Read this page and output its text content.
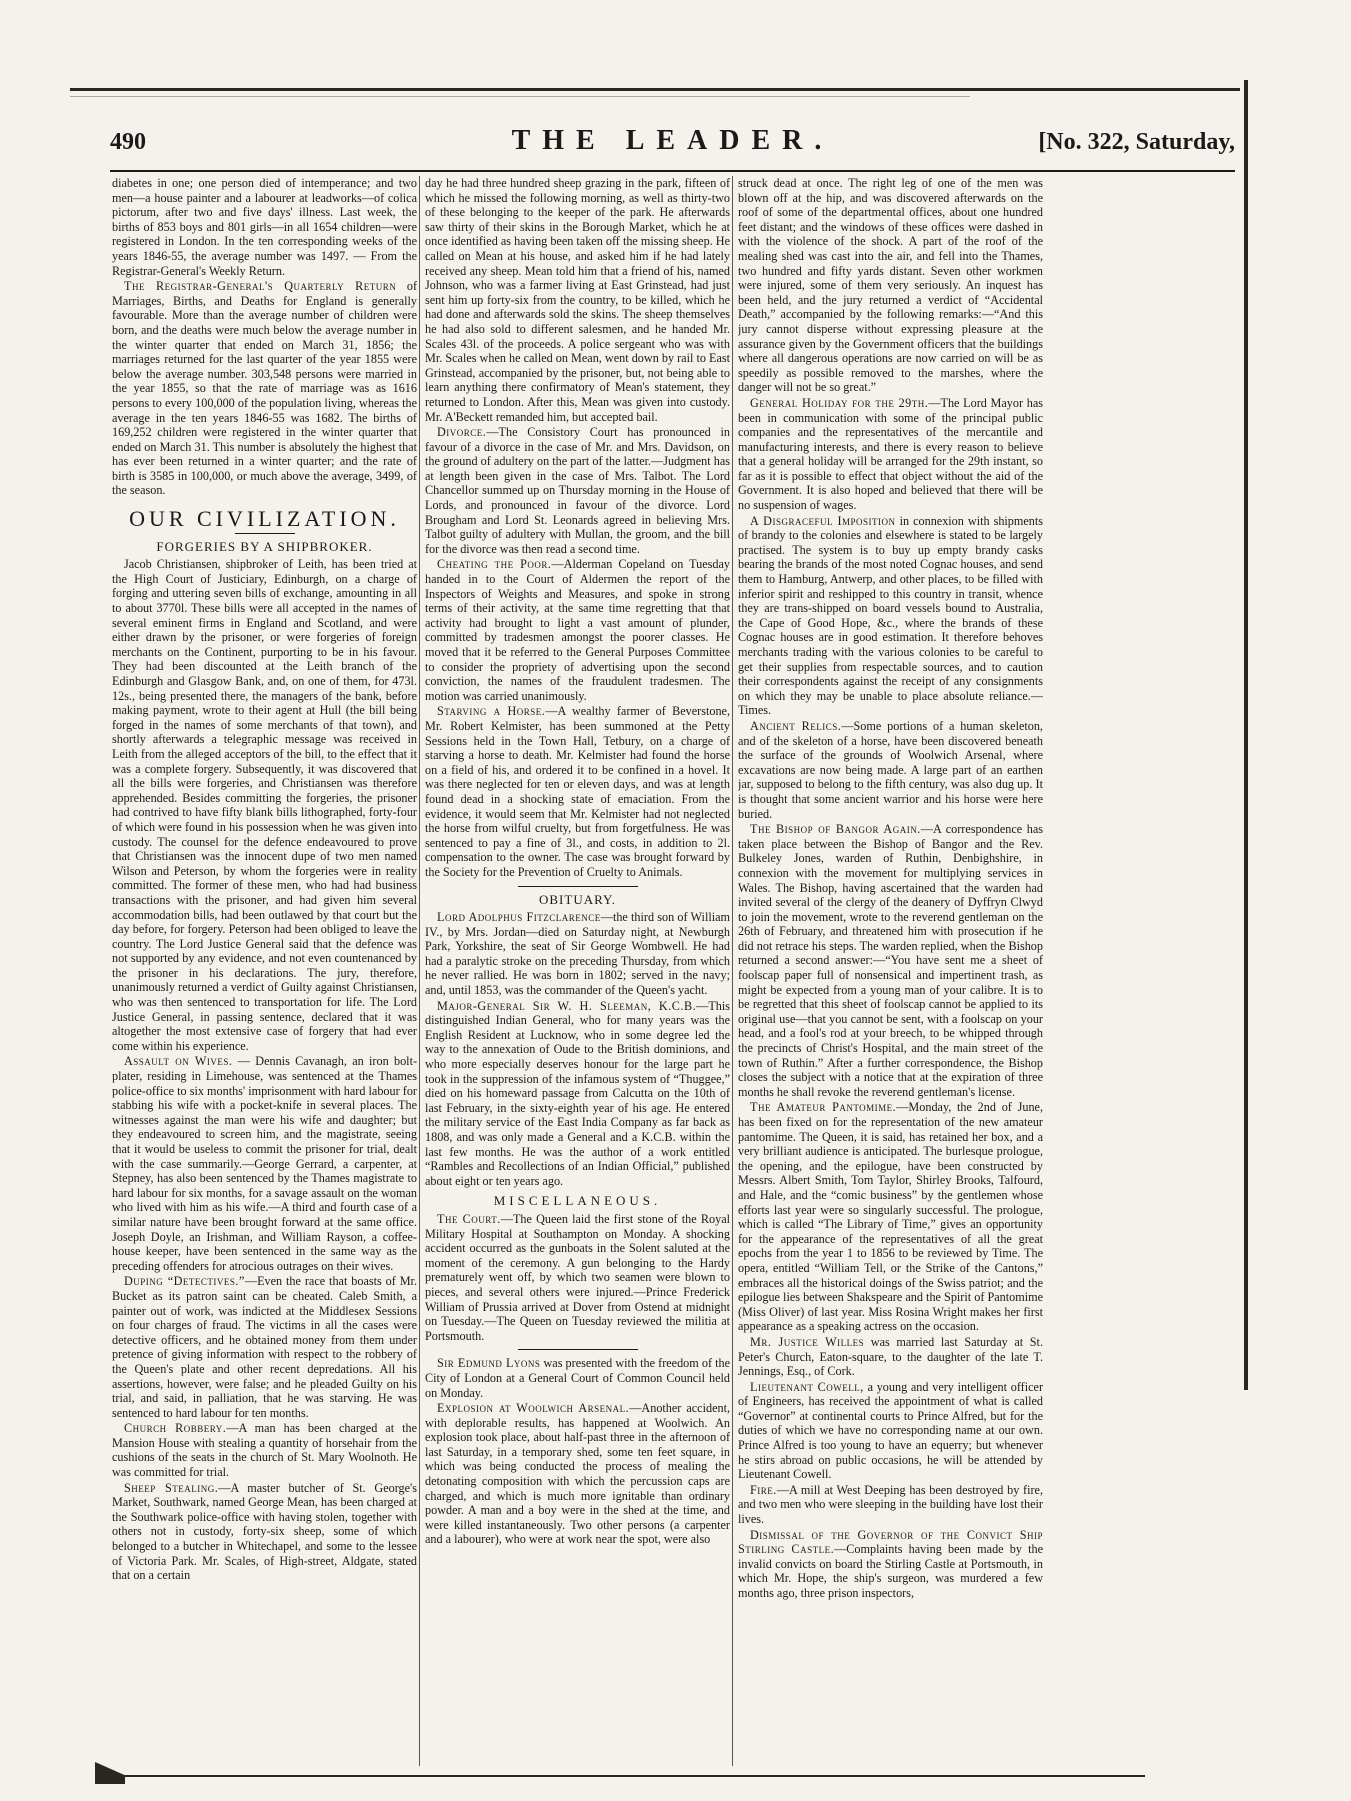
490	THE LEADER.	[No. 322, Saturday,

diabetes in one; one person died of intemperance; and two men—a house painter and a labourer at leadworks—of colica pictorum, after two and five days' illness. Last week, the births of 853 boys and 801 girls—in all 1654 children—were registered in London. In the ten corresponding weeks of the years 1846-55, the average number was 1497. — From the Registrar-General's Weekly Return.

The Registrar-General's Quarterly Return of Marriages, Births, and Deaths for England is generally favourable. More than the average number of children were born, and the deaths were much below the average number in the winter quarter that ended on March 31, 1856; the marriages returned for the last quarter of the year 1855 were below the average number. 303,548 persons were married in the year 1855, so that the rate of marriage was as 1616 persons to every 100,000 of the population living, whereas the average in the ten years 1846-55 was 1682. The births of 169,252 children were registered in the winter quarter that ended on March 31. This number is absolutely the highest that has ever been returned in a winter quarter; and the rate of birth is 3585 in 100,000, or much above the average, 3499, of the season.

OUR CIVILIZATION.
FORGERIES BY A SHIPBROKER.

Jacob Christiansen, shipbroker of Leith, has been tried at the High Court of Justiciary, Edinburgh, on a charge of forging and uttering seven bills of exchange, amounting in all to about 3770l. These bills were all accepted in the names of several eminent firms in England and Scotland, and were either drawn by the prisoner, or were forgeries of foreign merchants on the Continent, purporting to be in his favour. They had been discounted at the Leith branch of the Edinburgh and Glasgow Bank, and, on one of them, for 473l. 12s., being presented there, the managers of the bank, before making payment, wrote to their agent at Hull (the bill being forged in the names of some merchants of that town), and shortly afterwards a telegraphic message was received in Leith from the alleged acceptors of the bill, to the effect that it was a complete forgery. Subsequently, it was discovered that all the bills were forgeries, and Christiansen was therefore apprehended. Besides committing the forgeries, the prisoner had contrived to have fifty blank bills lithographed, forty-four of which were found in his possession when he was given into custody. The counsel for the defence endeavoured to prove that Christiansen was the innocent dupe of two men named Wilson and Peterson, by whom the forgeries were in reality committed. The former of these men, who had had business transactions with the prisoner, and had given him several accommodation bills, had been outlawed by that court but the day before, for forgery. Peterson had been obliged to leave the country. The Lord Justice General said that the defence was not supported by any evidence, and not even countenanced by the prisoner in his declarations. The jury, therefore, unanimously returned a verdict of Guilty against Christiansen, who was then sentenced to transportation for life. The Lord Justice General, in passing sentence, declared that it was altogether the most extensive case of forgery that had ever come within his experience.

Assault on Wives. — Dennis Cavanagh, an iron bolt-plater, residing in Limehouse, was sentenced at the Thames police-office to six months' imprisonment with hard labour for stabbing his wife with a pocket-knife in several places. The witnesses against the man were his wife and daughter; but they endeavoured to screen him, and the magistrate, seeing that it would be useless to commit the prisoner for trial, dealt with the case summarily.—George Gerrard, a carpenter, at Stepney, has also been sentenced by the Thames magistrate to hard labour for six months, for a savage assault on the woman who lived with him as his wife.—A third and fourth case of a similar nature have been brought forward at the same office. Joseph Doyle, an Irishman, and William Rayson, a coffee-house keeper, have been sentenced in the same way as the preceding offenders for atrocious outrages on their wives.

Duping “Detectives.”—Even the race that boasts of Mr. Bucket as its patron saint can be cheated. Caleb Smith, a painter out of work, was indicted at the Middlesex Sessions on four charges of fraud. The victims in all the cases were detective officers, and he obtained money from them under pretence of giving information with respect to the robbery of the Queen's plate and other recent depredations. All his assertions, however, were false; and he pleaded Guilty on his trial, and said, in palliation, that he was starving. He was sentenced to hard labour for ten months.

Church Robbery.—A man has been charged at the Mansion House with stealing a quantity of horsehair from the cushions of the seats in the church of St. Mary Woolnoth. He was committed for trial.

Sheep Stealing.—A master butcher of St. George's Market, Southwark, named George Mean, has been charged at the Southwark police-office with having stolen, together with others not in custody, forty-six sheep, some of which belonged to a butcher in Whitechapel, and some to the lessee of Victoria Park. Mr. Scales, of High-street, Aldgate, stated that on a certain

day he had three hundred sheep grazing in the park, fifteen of which he missed the following morning, as well as thirty-two of these belonging to the keeper of the park. He afterwards saw thirty of their skins in the Borough Market, which he at once identified as having been taken off the missing sheep. He called on Mean at his house, and asked him if he had lately received any sheep. Mean told him that a friend of his, named Johnson, who was a farmer living at East Grinstead, had just sent him up forty-six from the country, to be killed, which he had done and afterwards sold the skins. The sheep themselves he had also sold to different salesmen, and he handed Mr. Scales 43l. of the proceeds. A police sergeant who was with Mr. Scales when he called on Mean, went down by rail to East Grinstead, accompanied by the prisoner, but, not being able to learn anything there confirmatory of Mean's statement, they returned to London. After this, Mean was given into custody. Mr. A'Beckett remanded him, but accepted bail.

Divorce.—The Consistory Court has pronounced in favour of a divorce in the case of Mr. and Mrs. Davidson, on the ground of adultery on the part of the latter.—Judgment has at length been given in the case of Mrs. Talbot. The Lord Chancellor summed up on Thursday morning in the House of Lords, and pronounced in favour of the divorce. Lord Brougham and Lord St. Leonards agreed in believing Mrs. Talbot guilty of adultery with Mullan, the groom, and the bill for the divorce was then read a second time.

Cheating the Poor.—Alderman Copeland on Tuesday handed in to the Court of Aldermen the report of the Inspectors of Weights and Measures, and spoke in strong terms of their activity, at the same time regretting that that activity had brought to light a vast amount of plunder, committed by tradesmen amongst the poorer classes. He moved that it be referred to the General Purposes Committee to consider the propriety of advertising upon the second conviction, the names of the fraudulent tradesmen. The motion was carried unanimously.

Starving a Horse.—A wealthy farmer of Beverstone, Mr. Robert Kelmister, has been summoned at the Petty Sessions held in the Town Hall, Tetbury, on a charge of starving a horse to death. Mr. Kelmister had found the horse on a field of his, and ordered it to be confined in a hovel. It was there neglected for ten or eleven days, and was at length found dead in a shocking state of emaciation. From the evidence, it would seem that Mr. Kelmister had not neglected the horse from wilful cruelty, but from forgetfulness. He was sentenced to pay a fine of 3l., and costs, in addition to 2l. compensation to the owner. The case was brought forward by the Society for the Prevention of Cruelty to Animals.

OBITUARY.

Lord Adolphus Fitzclarence—the third son of William IV., by Mrs. Jordan—died on Saturday night, at Newburgh Park, Yorkshire, the seat of Sir George Wombwell. He had had a paralytic stroke on the preceding Thursday, from which he never rallied. He was born in 1802; served in the navy; and, until 1853, was the commander of the Queen's yacht.

Major-General Sir W. H. Sleeman, K.C.B.—This distinguished Indian General, who for many years was the English Resident at Lucknow, who in some degree led the way to the annexation of Oude to the British dominions, and who more especially deserves honour for the large part he took in the suppression of the infamous system of “Thuggee,” died on his homeward passage from Calcutta on the 10th of last February, in the sixty-eighth year of his age. He entered the military service of the East India Company as far back as 1808, and was only made a General and a K.C.B. within the last few months. He was the author of a work entitled “Rambles and Recollections of an Indian Official,” published about eight or ten years ago.

MISCELLANEOUS.

The Court.—The Queen laid the first stone of the Royal Military Hospital at Southampton on Monday. A shocking accident occurred as the gunboats in the Solent saluted at the moment of the ceremony. A gun belonging to the Hardy prematurely went off, by which two seamen were blown to pieces, and several others were injured.—Prince Frederick William of Prussia arrived at Dover from Ostend at midnight on Tuesday.—The Queen on Tuesday reviewed the militia at Portsmouth.

Sir Edmund Lyons was presented with the freedom of the City of London at a General Court of Common Council held on Monday.

Explosion at Woolwich Arsenal.—Another accident, with deplorable results, has happened at Woolwich. An explosion took place, about half-past three in the afternoon of last Saturday, in a temporary shed, some ten feet square, in which was being conducted the process of mealing the detonating composition with which the percussion caps are charged, and which is much more ignitable than ordinary powder. A man and a boy were in the shed at the time, and were killed instantaneously. Two other persons (a carpenter and a labourer), who were at work near the spot, were also

struck dead at once. The right leg of one of the men was blown off at the hip, and was discovered afterwards on the roof of some of the departmental offices, about one hundred feet distant; and the windows of these offices were dashed in with the violence of the shock. A part of the roof of the mealing shed was cast into the air, and fell into the Thames, two hundred and fifty yards distant. Seven other workmen were injured, some of them very seriously. An inquest has been held, and the jury returned a verdict of “Accidental Death,” accompanied by the following remarks:—“And this jury cannot disperse without expressing pleasure at the assurance given by the Government officers that the buildings where all dangerous operations are now carried on will be as speedily as possible removed to the marshes, where the danger will not be so great.”

General Holiday for the 29th.—The Lord Mayor has been in communication with some of the principal public companies and the representatives of the mercantile and manufacturing interests, and there is every reason to believe that a general holiday will be arranged for the 29th instant, so far as it is possible to effect that object without the aid of the Government. It is also hoped and believed that there will be no suspension of wages.

A Disgraceful Imposition in connexion with shipments of brandy to the colonies and elsewhere is stated to be largely practised. The system is to buy up empty brandy casks bearing the brands of the most noted Cognac houses, and send them to Hamburg, Antwerp, and other places, to be filled with inferior spirit and reshipped to this country in transit, whence they are trans-shipped on board vessels bound to Australia, the Cape of Good Hope, &c., where the brands of these Cognac houses are in good estimation. It therefore behoves merchants trading with the various colonies to be careful to get their supplies from respectable sources, and to caution their correspondents against the receipt of any consignments on which they may be unable to place absolute reliance.—Times.

Ancient Relics.—Some portions of a human skeleton, and of the skeleton of a horse, have been discovered beneath the surface of the grounds of Woolwich Arsenal, where excavations are now being made. A large part of an earthen jar, supposed to belong to the fifth century, was also dug up. It is thought that some ancient warrior and his horse were here buried.

The Bishop of Bangor Again.—A correspondence has taken place between the Bishop of Bangor and the Rev. Bulkeley Jones, warden of Ruthin, Denbighshire, in connexion with the movement for multiplying services in Wales. The Bishop, having ascertained that the warden had invited several of the clergy of the deanery of Dyffryn Clwyd to join the movement, wrote to the reverend gentleman on the 26th of February, and threatened him with prosecution if he did not retrace his steps. The warden replied, when the Bishop returned a second answer:—“You have sent me a sheet of foolscap paper full of nonsensical and impertinent trash, as might be expected from a young man of your calibre. It is to be regretted that this sheet of foolscap cannot be applied to its original use—that you cannot be sent, with a foolscap on your head, and a fool's rod at your breech, to be whipped through the precincts of Christ's Hospital, and the main street of the town of Ruthin.” After a further correspondence, the Bishop closes the subject with a notice that at the expiration of three months he shall revoke the reverend gentleman's license.

The Amateur Pantomime.—Monday, the 2nd of June, has been fixed on for the representation of the new amateur pantomime. The Queen, it is said, has retained her box, and a very brilliant audience is anticipated. The burlesque prologue, the opening, and the epilogue, have been constructed by Messrs. Albert Smith, Tom Taylor, Shirley Brooks, Talfourd, and Hale, and the “comic business” by the gentlemen whose efforts last year were so singularly successful. The prologue, which is called “The Library of Time,” gives an opportunity for the appearance of the representatives of all the great epochs from the year 1 to 1856 to be reviewed by Time. The opera, entitled “William Tell, or the Strike of the Cantons,” embraces all the historical doings of the Swiss patriot; and the epilogue lies between Shakspeare and the Spirit of Pantomime (Miss Oliver) of last year. Miss Rosina Wright makes her first appearance as a speaking actress on the occasion.

Mr. Justice Willes was married last Saturday at St. Peter's Church, Eaton-square, to the daughter of the late T. Jennings, Esq., of Cork.

Lieutenant Cowell, a young and very intelligent officer of Engineers, has received the appointment of what is called “Governor” at continental courts to Prince Alfred, but for the duties of which we have no corresponding name at our own. Prince Alfred is too young to have an equerry; but whenever he stirs abroad on public occasions, he will be attended by Lieutenant Cowell.

Fire.—A mill at West Deeping has been destroyed by fire, and two men who were sleeping in the building have lost their lives.

Dismissal of the Governor of the Convict Ship Stirling Castle.—Complaints having been made by the invalid convicts on board the Stirling Castle at Portsmouth, in which Mr. Hope, the ship's surgeon, was murdered a few months ago, three prison inspectors,
